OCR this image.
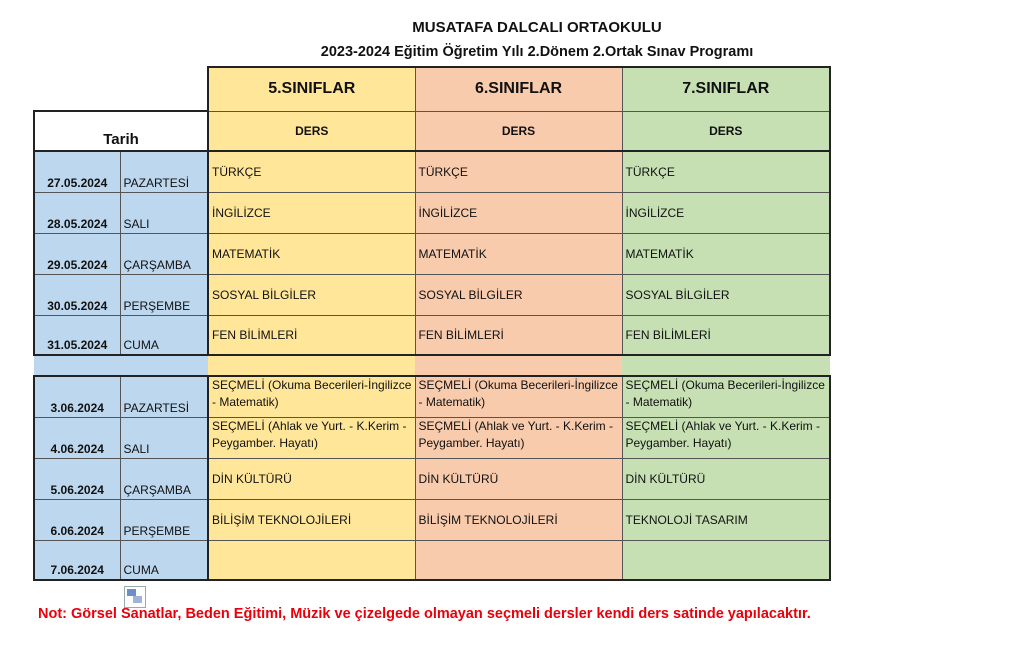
MUSATAFA DALCALI ORTAOKULU
2023-2024 Eğitim Öğretim Yılı 2.Dönem 2.Ortak Sınav Programı
		5.SINIFLAR	6.SINIFLAR	7.SINIFLAR
Tarih		DERS	DERS	DERS
27.05.2024	PAZARTESİ	TÜRKÇE	TÜRKÇE	TÜRKÇE
28.05.2024	SALI	İNGİLİZCE	İNGİLİZCE	İNGİLİZCE
29.05.2024	ÇARŞAMBA	MATEMATİK	MATEMATİK	MATEMATİK
30.05.2024	PERŞEMBE	SOSYAL BİLGİLER	SOSYAL BİLGİLER	SOSYAL BİLGİLER
31.05.2024	CUMA	FEN BİLİMLERİ	FEN BİLİMLERİ	FEN BİLİMLERİ

3.06.2024	PAZARTESİ	SEÇMELİ (Okuma Becerileri-İngilizce - Matematik)	SEÇMELİ (Okuma Becerileri-İngilizce - Matematik)	SEÇMELİ (Okuma Becerileri-İngilizce - Matematik)
4.06.2024	SALI	SEÇMELİ (Ahlak ve Yurt. - K.Kerim - Peygamber. Hayatı)	SEÇMELİ (Ahlak ve Yurt. - K.Kerim - Peygamber. Hayatı)	SEÇMELİ (Ahlak ve Yurt. - K.Kerim - Peygamber. Hayatı)
5.06.2024	ÇARŞAMBA	DİN KÜLTÜRÜ	DİN KÜLTÜRÜ	DİN KÜLTÜRÜ
6.06.2024	PERŞEMBE	BİLİŞİM TEKNOLOJİLERİ	BİLİŞİM TEKNOLOJİLERİ	TEKNOLOJİ TASARIM
7.06.2024	CUMA			
Not: Görsel Sanatlar, Beden Eğitimi, Müzik ve çizelgede olmayan seçmeli dersler kendi ders satinde yapılacaktır.
